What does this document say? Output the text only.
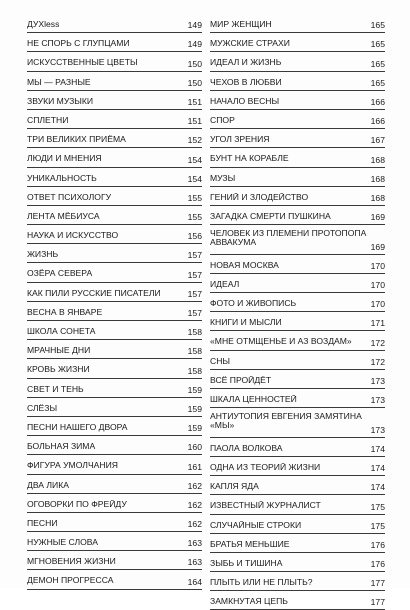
ДУХless	149
НЕ СПОРЬ С ГЛУПЦАМИ	149
ИСКУССТВЕННЫЕ ЦВЕТЫ	150
МЫ — РАЗНЫЕ	150
ЗВУКИ МУЗЫКИ	151
СПЛЕТНИ	151
ТРИ ВЕЛИКИХ ПРИЁМА	152
ЛЮДИ И МНЕНИЯ	154
УНИКАЛЬНОСТЬ	154
ОТВЕТ ПСИХОЛОГУ	155
ЛЕНТА МЁБИУСА	155
НАУКА И ИСКУССТВО	156
ЖИЗНЬ	157
ОЗЁРА СЕВЕРА	157
КАК ПИЛИ РУССКИЕ ПИСАТЕЛИ	157
ВЕСНА В ЯНВАРЕ	157
ШКОЛА СОНЕТА	158
МРАЧНЫЕ ДНИ	158
КРОВЬ ЖИЗНИ	158
СВЕТ И ТЕНЬ	159
СЛЁЗЫ	159
ПЕСНИ НАШЕГО ДВОРА	159
БОЛЬНАЯ ЗИМА	160
ФИГУРА УМОЛЧАНИЯ	161
ДВА ЛИКА	162
ОГОВОРКИ ПО ФРЕЙДУ	162
ПЕСНИ	162
НУЖНЫЕ СЛОВА	163
МГНОВЕНИЯ ЖИЗНИ	163
ДЕМОН ПРОГРЕССА	164
МИР ЖЕНЩИН	165
МУЖСКИЕ СТРАХИ	165
ИДЕАЛ И ЖИЗНЬ	165
ЧЕХОВ В ЛЮБВИ	165
НАЧАЛО ВЕСНЫ	166
СПОР	166
УГОЛ ЗРЕНИЯ	167
БУНТ НА КОРАБЛЕ	168
МУЗЫ	168
ГЕНИЙ И ЗЛОДЕЙСТВО	168
ЗАГАДКА СМЕРТИ ПУШКИНА	169
ЧЕЛОВЕК ИЗ ПЛЕМЕНИ ПРОТОПОПА АВВАКУМА	169
НОВАЯ МОСКВА	170
ИДЕАЛ	170
ФОТО И ЖИВОПИСЬ	170
КНИГИ И МЫСЛИ	171
«МНЕ ОТМЩЕНЬЕ И АЗ ВОЗДАМ»	172
СНЫ	172
ВСЁ ПРОЙДЁТ	173
ШКАЛА ЦЕННОСТЕЙ	173
АНТИУТОПИЯ ЕВГЕНИЯ ЗАМЯТИНА «МЫ»	173
ПАОЛА ВОЛКОВА	174
ОДНА ИЗ ТЕОРИЙ ЖИЗНИ	174
КАПЛЯ ЯДА	174
ИЗВЕСТНЫЙ ЖУРНАЛИСТ	175
СЛУЧАЙНЫЕ СТРОКИ	175
БРАТЬЯ МЕНЬШИЕ	176
ЗЫБЬ И ТИШИНА	176
ПЛЫТЬ ИЛИ НЕ ПЛЫТЬ?	177
ЗАМКНУТАЯ ЦЕПЬ	177
